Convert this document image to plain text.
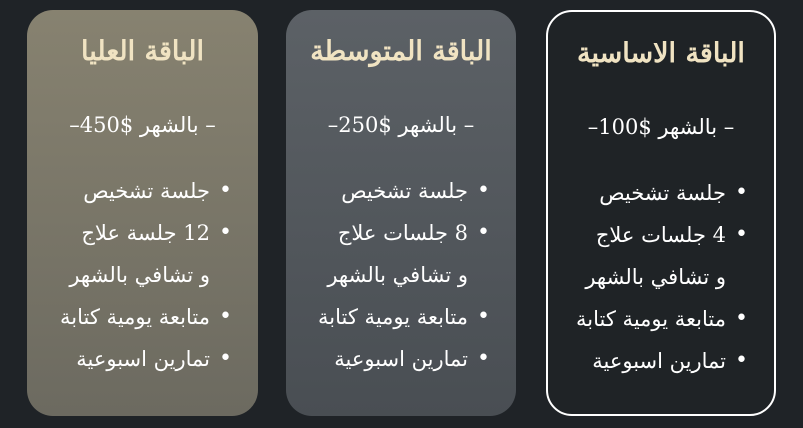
الباقة الاساسية
– بالشهر $100–
•
جلسة تشخيص
•
4 جلسات علاج
و تشافي بالشهر
•
متابعة يومية كتابة
•
تمارين اسبوعية
الباقة المتوسطة
– بالشهر $250–
•
جلسة تشخيص
•
8 جلسات علاج
و تشافي بالشهر
•
متابعة يومية كتابة
•
تمارين اسبوعية
الباقة العليا
– بالشهر $450–
•
جلسة تشخيص
•
12 جلسة علاج
و تشافي بالشهر
•
متابعة يومية كتابة
•
تمارين اسبوعية
